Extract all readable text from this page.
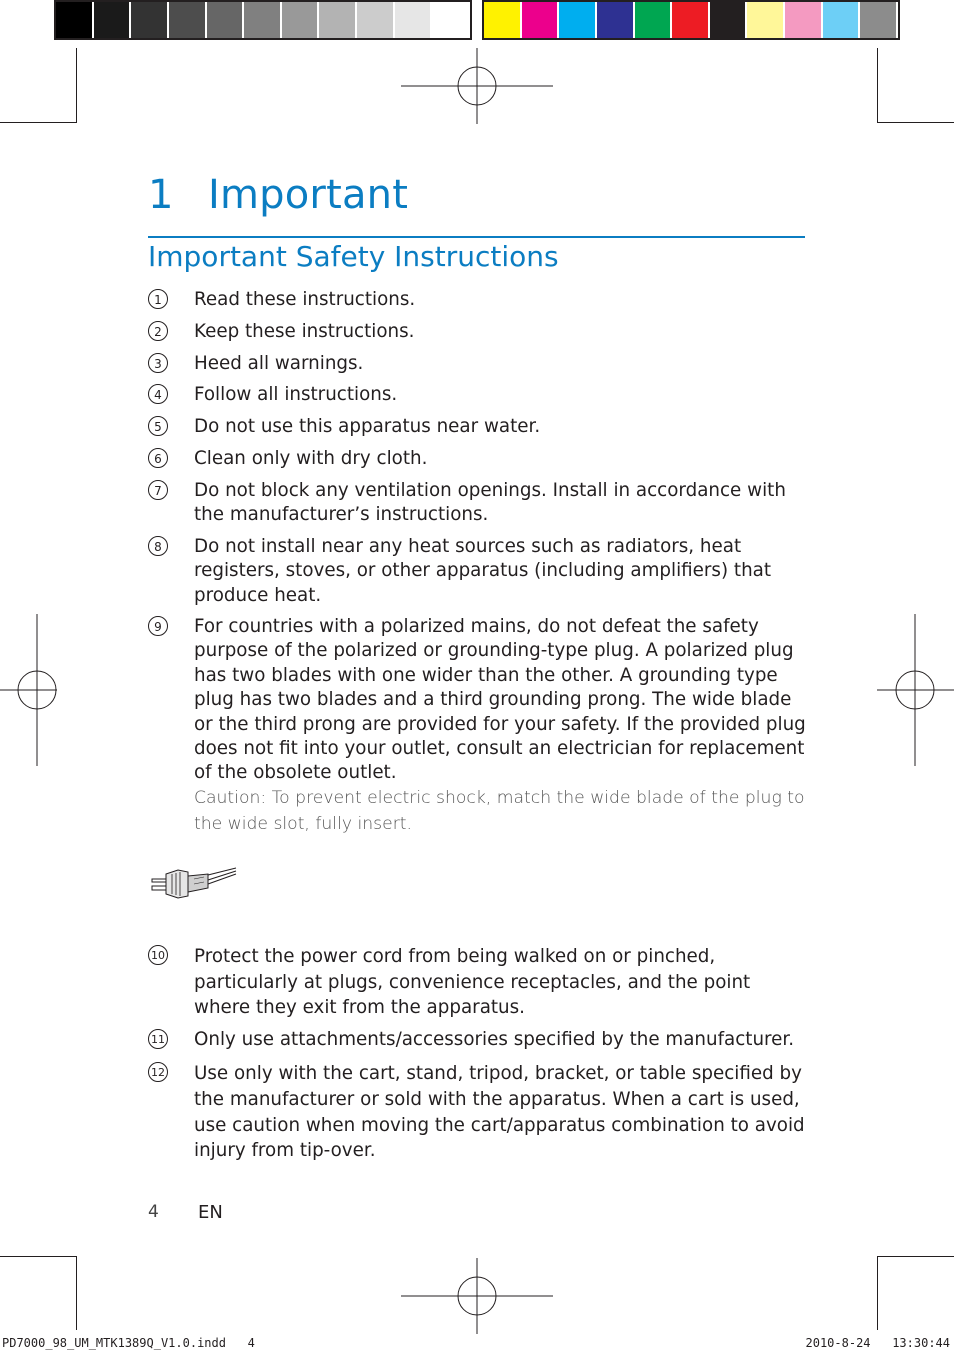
1 Important
Important Safety Instructions
1	Read these instructions.
2	Keep these instructions.
3	Heed all warnings.
4	Follow all instructions.
5	Do not use this apparatus near water.
6	Clean only with dry cloth.
7	Do not block any ventilation openings. Install in accordance with the manufacturer’s instructions.
8	Do not install near any heat sources such as radiators, heat registers, stoves, or other apparatus (including amplifiers) that produce heat.
9	For countries with a polarized mains, do not defeat the safety purpose of the polarized or grounding-type plug. A polarized plug has two blades with one wider than the other. A grounding type plug has two blades and a third grounding prong. The wide blade or the third prong are provided for your safety. If the provided plug does not fit into your outlet, consult an electrician for replacement of the obsolete outlet.
Caution: To prevent electric shock, match the wide blade of the plug to the wide slot, fully insert.
10 Protect the power cord from being walked on or pinched, particularly at plugs, convenience receptacles, and the point where they exit from the apparatus.
11 Only use attachments/accessories specified by the manufacturer.
12 Use only with the cart, stand, tripod, bracket, or table specified by the manufacturer or sold with the apparatus. When a cart is used, use caution when moving the cart/apparatus combination to avoid injury from tip-over.
4 EN
PD7000_98_UM_MTK1389Q_V1.0.indd   4	2010-8-24   13:30:44
